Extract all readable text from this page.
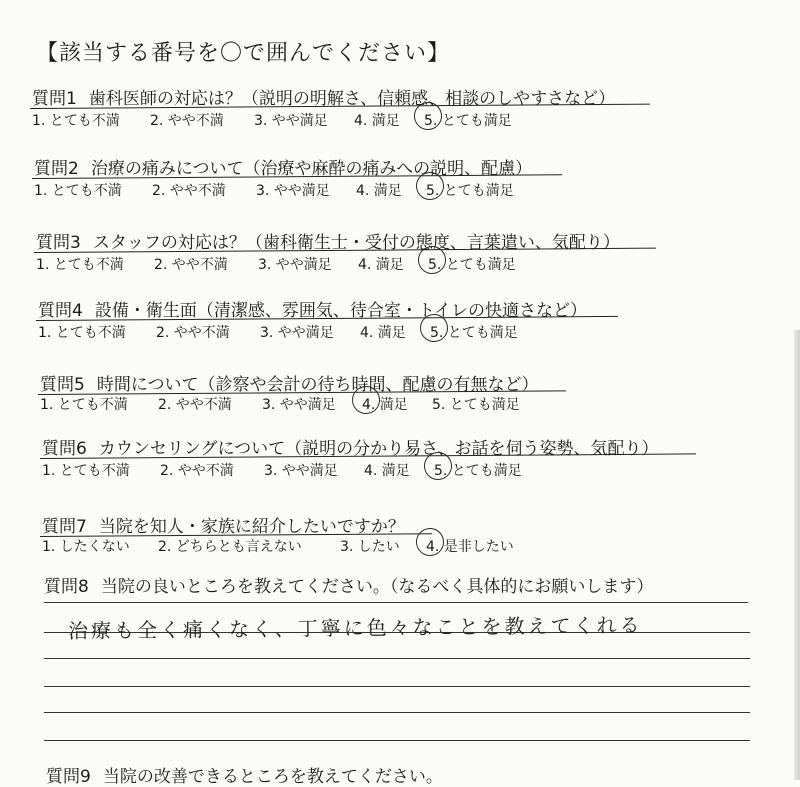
【該当する番号を〇で囲んでください】
質問1 歯科医師の対応は？（説明の明解さ、信頼感、相談のしやすさなど）
1. とても不満 2. やや不満 3. やや満足 4. 満足 5. とても満足
質問2 治療の痛みについて（治療や麻酔の痛みへの説明、配慮）
1. とても不満 2. やや不満 3. やや満足 4. 満足 5. とても満足
質問3 スタッフの対応は？（歯科衛生士・受付の態度、言葉遣い、気配り）
1. とても不満 2. やや不満 3. やや満足 4. 満足 5. とても満足
質問4 設備・衛生面（清潔感、雰囲気、待合室・トイレの快適さなど）
1. とても不満 2. やや不満 3. やや満足 4. 満足 5. とても満足
質問5 時間について（診察や会計の待ち時間、配慮の有無など）
1. とても不満 2. やや不満 3. やや満足 4. 満足 5. とても満足
質問6 カウンセリングについて（説明の分かり易さ、お話を伺う姿勢、気配り）
1. とても不満 2. やや不満 3. やや満足 4. 満足 5. とても満足
質問7 当院を知人・家族に紹介したいですか？
1. したくない 2. どちらとも言えない	3. したい 4. 是非したい
質問8 当院の良いところを教えてください。（なるべく具体的にお願いします）
治療も全く痛くなく、丁寧に色々なことを教えてくれる
質問9 当院の改善できるところを教えてください。
